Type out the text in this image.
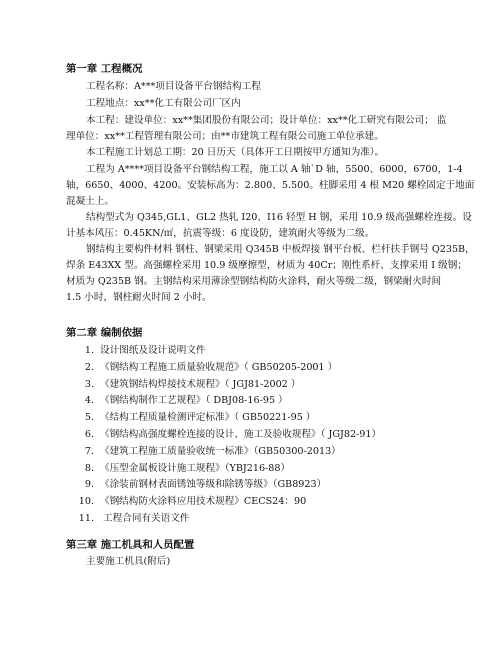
第一章 工程概况
工程名称：A***项目设备平台钢结构工程
工程地点：xx**化工有限公司厂区内
本工程：建设单位：xx**集团股份有限公司；设计单位：xx**化工研究有限公司； 监
理单位：xx**工程管理有限公司；由**市建筑工程有限公司施工单位承建。
本工程施工计划总工期：20 日历天（具体开工日期按甲方通知为准）。
工程为 A****项目设备平台钢结构工程，施工以 A 轴`D 轴，5500、6000，6700，1-4
轴，6650、4000、4200。安装标高为：2.800、5.500。柱脚采用 4 根 M20 螺栓固定于地面
混凝土上。
结构型式为 Q345,GL1、GL2 热轧 I20、I16 轻型 H 钢，采用 10.9 级高强螺栓连接。设
计基本风压：0.45KN/㎡，抗震等级：6 度设防，建筑耐火等级为二级。
钢结构主要构件材料 钢柱、钢梁采用 Q345B 中板焊接 钢平台板、栏杆扶手钢号 Q235B，
焊条 E43XX 型。高强螺栓采用 10.9 级摩擦型，材质为 40Cr；刚性系杆、支撑采用 I 级钢；
材质为 Q235B 钢。主钢结构采用薄涂型钢结构防火涂料，耐火等级二级，钢梁耐火时间
1.5 小时，钢柱耐火时间 2 小时。
第二章 编制依据
1. 设计图纸及设计说明文件
2. 《钢结构工程施工质量验收规范》（ GB50205-2001 ）
3. 《建筑钢结构焊接技术规程》（ JGJ81-2002 ）
4. 《钢结构制作工艺规程》（ DBJ08-16-95 ）
5. 《结构工程质量检测评定标准》（ GB50221-95 ）
6. 《钢结构高强度螺栓连接的设计、施工及验收规程》（ JGJ82-91）
7. 《建筑工程施工质量验收统一标准》（GB50300-2013）
8. 《压型金属板设计施工规程》（YBJ216-88）
9. 《涂装前钢材表面锈蚀等级和除锈等级》（GB8923）
10. 《钢结构防火涂料应用技术规程》CECS24：90
11. 工程合同有关语文件
第三章 施工机具和人员配置
主要施工机具(附后)
